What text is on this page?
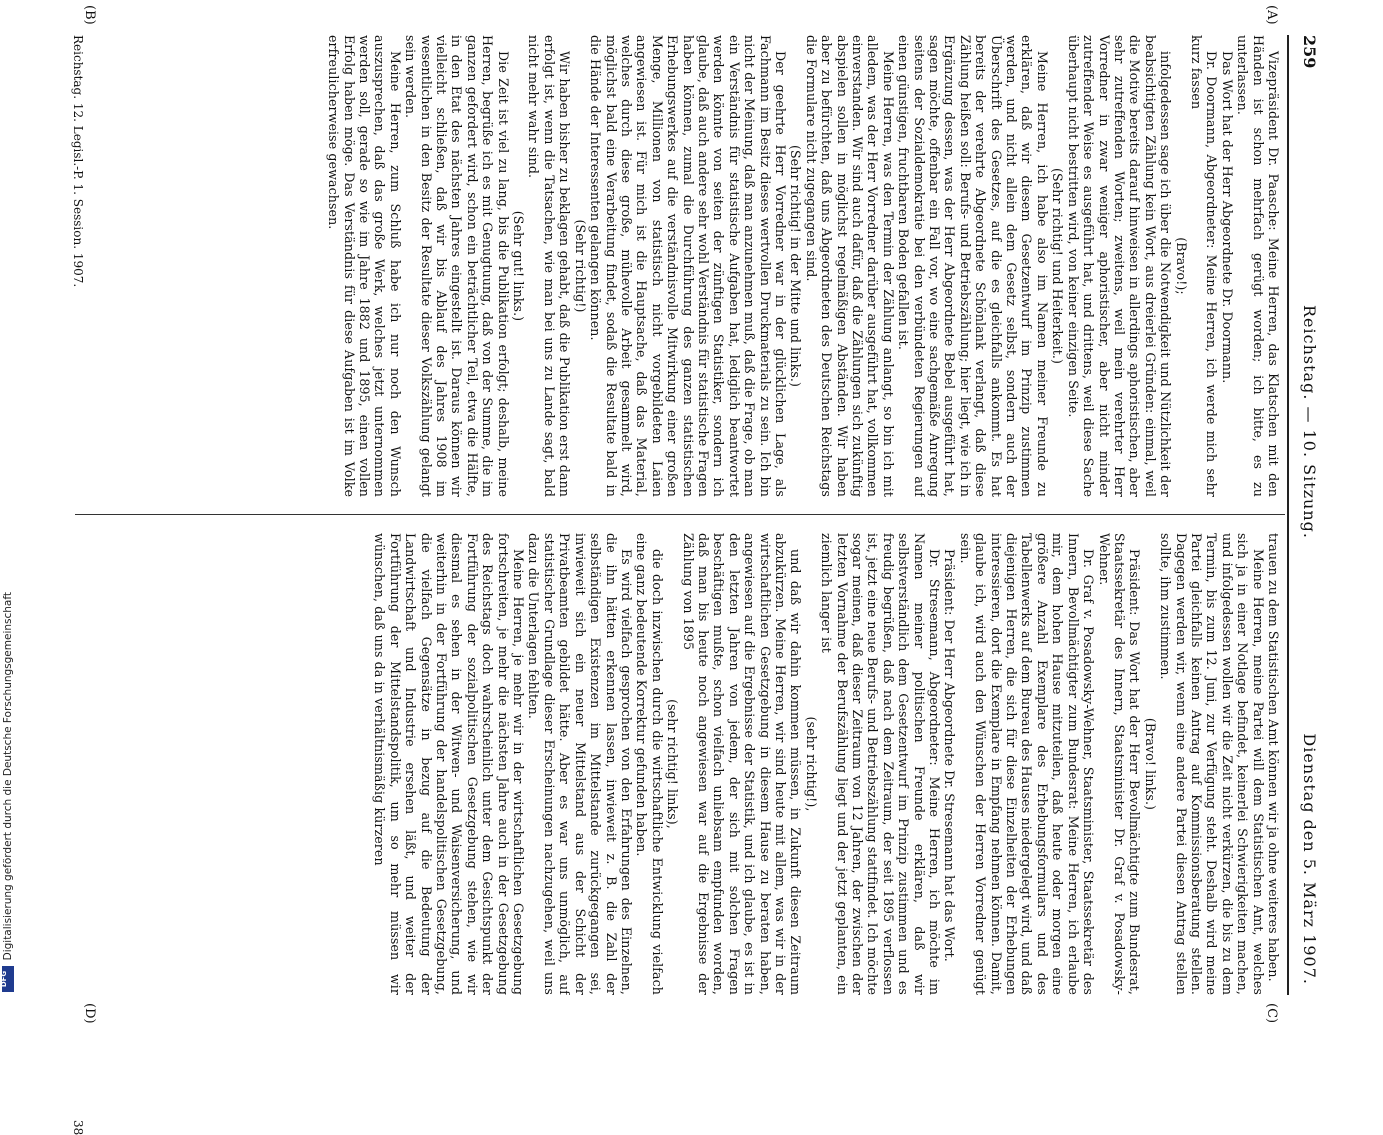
259
Reichstag. — 10. Sitzung.
Dienstag den 5. März 1907.
(A)
(B)
(C)
(D)

Vizepräsident Dr. Paasche: Meine Herren, das Klatschen mit den Händen ist schon mehrfach gerügt worden; ich bitte, es zu unterlassen.

Das Wort hat der Herr Abgeordnete Dr. Doormann.

Dr. Doormann, Abgeordneter: Meine Herren, ich werde mich sehr kurz fassen

(Bravo!);

infolgedessen sage ich über die Notwendigkeit und Nützlichkeit der beabsichtigten Zählung kein Wort, aus dreierlei Gründen: einmal, weil die Motive bereits darauf hinweisen in allerdings aphoristischen, aber sehr zutreffenden Worten; zweitens, weil mein verehrter Herr Vorredner in zwar weniger aphoristischer, aber nicht minder zutreffender Weise es ausgeführt hat, und drittens, weil diese Sache überhaupt nicht bestritten wird, von keiner einzigen Seite.

(Sehr richtig! und Heiterkeit.)

Meine Herren, ich habe also im Namen meiner Freunde zu erklären, daß wir diesem Gesetzentwurf im Prinzip zustimmen werden, und nicht allein dem Gesetz selbst, sondern auch der Überschrift des Gesetzes, auf die es gleichfalls ankommt. Es hat bereits der verehrte Abgeordnete Schönlank verlangt, daß diese Zählung heißen soll: Berufs- und Betriebszählung; hier liegt, wie ich in Ergänzung dessen, was der Herr Abgeordnete Bebel ausgeführt hat, sagen möchte, offenbar ein Fall vor, wo eine sachgemäße Anregung seitens der Sozialdemokratie bei den verbündeten Regierungen auf einen günstigen, fruchtbaren Boden gefallen ist.

Meine Herren, was den Termin der Zählung anlangt, so bin ich mit alledem, was der Herr Vorredner darüber ausgeführt hat, vollkommen einverstanden. Wir sind auch dafür, daß die Zählungen sich zukünftig abspielen sollen in möglichst regelmäßigen Abständen. Wir haben aber zu befürchten, daß uns Abgeordneten des Deutschen Reichstags die Formulare nicht zugegangen sind.

(Sehr richtig! in der Mitte und links.)

Der geehrte Herr Vorredner war in der glücklichen Lage, als Fachmann im Besitz dieses wertvollen Druckmaterials zu sein. Ich bin nicht der Meinung, daß man anzunehmen muß, daß die Frage, ob man ein Verständnis für statistische Aufgaben hat, lediglich beantwortet werden könnte von seiten der zünftigen Statistiker, sondern ich glaube, daß auch andere sehr wohl Verständnis für statistische Fragen haben können, zumal die Durchführung des ganzen statistischen Erhebungswerkes auf die verständnisvolle Mitwirkung einer großen Menge, Millionen von statistisch nicht vorgebildeten Laien angewiesen ist. Für mich ist die Hauptsache, daß das Material, welches durch diese große, mühevolle Arbeit gesammelt wird, möglichst bald eine Verarbeitung findet, sodaß die Resultate bald in die Hände der Interessenten gelangen können.

(Sehr richtig!)

Wir haben bisher zu beklagen gehabt, daß die Publikation erst dann erfolgt ist, wenn die Tatsachen, wie man bei uns zu Lande sagt, bald nicht mehr wahr sind.

(Sehr gut! links.)

Die Zeit ist viel zu lang, bis die Publikation erfolgt; deshalb, meine Herren, begrüße ich es mit Genugtuung, daß von der Summe, die im ganzen gefordert wird, schon ein beträchtlicher Teil, etwa die Hälfte, in den Etat des nächsten Jahres eingestellt ist. Daraus können wir vielleicht schließen, daß wir bis Ablauf des Jahres 1908 im wesentlichen in den Besitz der Resultate dieser Volkszählung gelangt sein werden.

Meine Herren, zum Schluß habe ich nur noch den Wunsch auszusprechen, daß das große Werk, welches jetzt unternommen werden soll, gerade so wie im Jahre 1882 und 1895, einen vollen Erfolg haben möge. Das Verständnis für diese Aufgaben ist im Volke erfreulicherweise gewachsen.

trauen zu dem Statistischen Amt können wir ja ohne weiteres haben.

Meine Herren, meine Partei will dem Statistischen Amt, welches sich ja in einer Notlage befindet, keinerlei Schwierigkeiten machen, und infolgedessen wollen wir die Zeit nicht verkürzen, die bis zu dem Termin, bis zum 12. Juni, zur Verfügung steht. Deshalb wird meine Partei gleichfalls keinen Antrag auf Kommissionsberatung stellen. Dagegen werden wir, wenn eine andere Partei diesen Antrag stellen sollte, ihm zustimmen.

(Bravo! links.)

Präsident: Das Wort hat der Herr Bevollmächtigte zum Bundesrat, Staatssekretär des Innern, Staatsminister Dr. Graf v. Posadowsky-Wehner.

Dr. Graf v. Posadowsky-Wehner, Staatsminister, Staatssekretär des Innern, Bevollmächtigter zum Bundesrat: Meine Herren, ich erlaube mir, dem hohen Hause mitzuteilen, daß heute oder morgen eine größere Anzahl Exemplare des Erhebungsformulars und des Tabellenwerks auf dem Bureau des Hauses niedergelegt wird, und daß diejenigen Herren, die sich für diese Einzelheiten der Erhebungen interessieren, dort die Exemplare in Empfang nehmen können. Damit, glaube ich, wird auch den Wünschen der Herren Vorredner genügt sein.

Präsident: Der Herr Abgeordnete Dr. Stresemann hat das Wort.

Dr. Stresemann, Abgeordneter: Meine Herren, ich möchte im Namen meiner politischen Freunde erklären, daß wir selbstverständlich dem Gesetzentwurf im Prinzip zustimmen und es freudig begrüßen, daß nach dem Zeitraum, der seit 1895 verflossen ist, jetzt eine neue Berufs- und Betriebszählung stattfindet. Ich möchte sogar meinen, daß dieser Zeitraum von 12 Jahren, der zwischen der letzten Vornahme der Berufszählung liegt und der jetzt geplanten, ein ziemlich langer ist

(sehr richtig!),

und daß wir dahin kommen müssen, in Zukunft diesen Zeitraum abzukürzen. Meine Herren, wir sind heute mit allem, was wir in der wirtschaftlichen Gesetzgebung in diesem Hause zu beraten haben, angewiesen auf die Ergebnisse der Statistik, und ich glaube, es ist in den letzten Jahren von jedem, der sich mit solchen Fragen beschäftigen mußte, schon vielfach unliebsam empfunden worden, daß man bis heute noch angewiesen war auf die Ergebnisse der Zählung von 1895

(sehr richtig! links),

die doch inzwischen durch die wirtschaftliche Entwicklung vielfach eine ganz bedeutende Korrektur gefunden haben.

Es wird vielfach gesprochen von den Erfahrungen des Einzelnen, die ihn hätten erkennen lassen, inwieweit z. B. die Zahl der selbständigen Existenzen im Mittelstande zurückgegangen sei, inwieweit sich ein neuer Mittelstand aus der Schicht der Privatbeamten gebildet hätte. Aber es war uns unmöglich, auf statistischer Grundlage dieser Erscheinungen nachzugehen, weil uns dazu die Unterlagen fehlten.

Meine Herren, je mehr wir in der wirtschaftlichen Gesetzgebung fortschreiten, je mehr die nächsten Jahre auch in der Gesetzgebung des Reichstags doch wahrscheinlich unter dem Gesichtspunkt der Fortführung der sozialpolitischen Gesetzgebung stehen, wie wir diesmal es sehen in der Witwen- und Waisenversicherung, und weiterhin in der Fortführung der handelspolitischen Gesetzgebung, die vielfach Gegensätze in bezug auf die Bedeutung der Landwirtschaft und Industrie ersehen läßt, und weiter der Fortführung der Mittelstandspolitik, um so mehr müssen wir wünschen, daß uns da in verhältnismäßig kürzeren

Reichstag. 12. Legisl.-P. 1. Session. 1907.
38
Digitalisierung gefördert durch die Deutsche Forschungsgemeinschaft
DFG
